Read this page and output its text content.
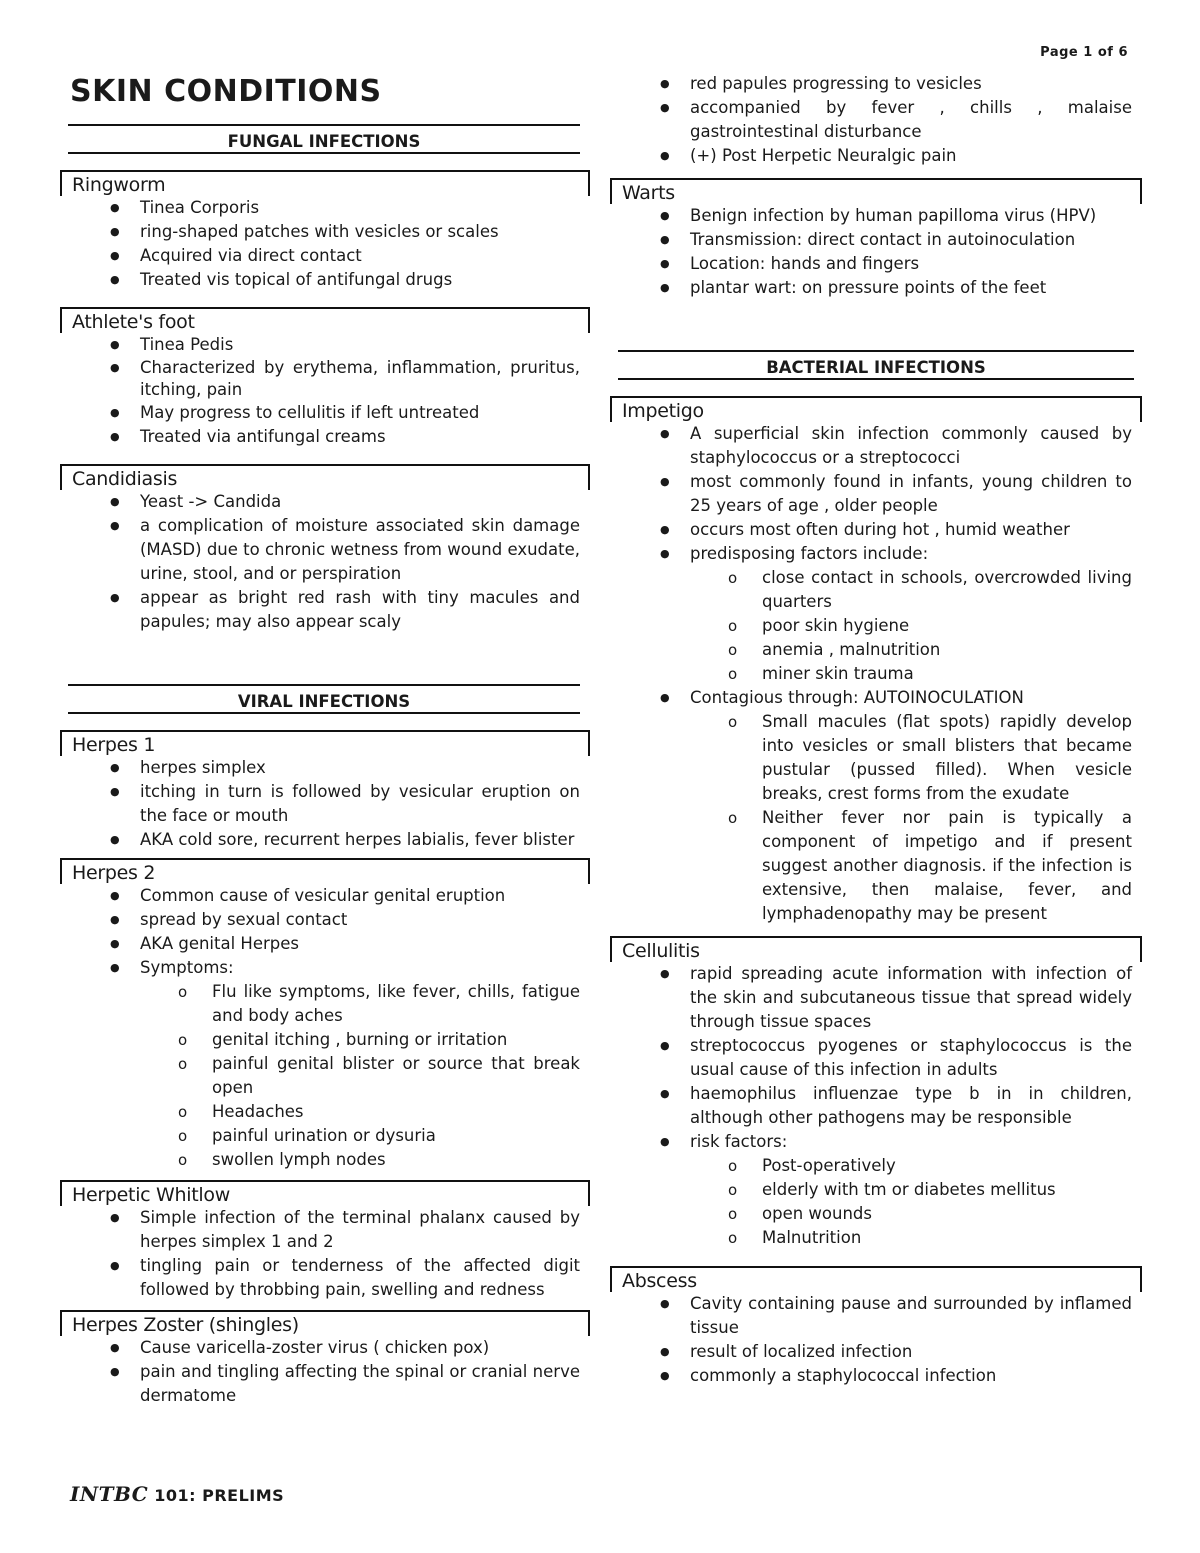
Page 1 of 6
SKIN CONDITIONS
FUNGAL INFECTIONS
Ringworm
● Tinea Corporis
● ring-shaped patches with vesicles or scales
● Acquired via direct contact
● Treated vis topical of antifungal drugs
Athlete's foot
● Tinea Pedis
● Characterized by erythema, inflammation, pruritus, itching, pain
● May progress to cellulitis if left untreated
● Treated via antifungal creams
Candidiasis
● Yeast -> Candida
● a complication of moisture associated skin damage (MASD) due to chronic wetness from wound exudate, urine, stool, and or perspiration
● appear as bright red rash with tiny macules and papules; may also appear scaly
VIRAL INFECTIONS
Herpes 1
● herpes simplex
● itching in turn is followed by vesicular eruption on the face or mouth
● AKA cold sore, recurrent herpes labialis, fever blister
Herpes 2
● Common cause of vesicular genital eruption
● spread by sexual contact
● AKA genital Herpes
● Symptoms:
o Flu like symptoms, like fever, chills, fatigue and body aches
o genital itching , burning or irritation
o painful genital blister or source that break open
o Headaches
o painful urination or dysuria
o swollen lymph nodes
Herpetic Whitlow
● Simple infection of the terminal phalanx caused by herpes simplex 1 and 2
● tingling pain or tenderness of the affected digit followed by throbbing pain, swelling and redness
Herpes Zoster (shingles)
● Cause varicella-zoster virus ( chicken pox)
● pain and tingling affecting the spinal or cranial nerve dermatome
● red papules progressing to vesicles
● accompanied by fever , chills , malaise gastrointestinal disturbance
● (+) Post Herpetic Neuralgic pain
Warts
● Benign infection by human papilloma virus (HPV)
● Transmission: direct contact in autoinoculation
● Location: hands and fingers
● plantar wart: on pressure points of the feet
BACTERIAL INFECTIONS
Impetigo
● A superficial skin infection commonly caused by staphylococcus or a streptococci
● most commonly found in infants, young children to 25 years of age , older people
● occurs most often during hot , humid weather
● predisposing factors include:
o close contact in schools, overcrowded living quarters
o poor skin hygiene
o anemia , malnutrition
o miner skin trauma
● Contagious through: AUTOINOCULATION
o Small macules (flat spots) rapidly develop into vesicles or small blisters that became pustular (pussed filled). When vesicle breaks, crest forms from the exudate
o Neither fever nor pain is typically a component of impetigo and if present suggest another diagnosis. if the infection is extensive, then malaise, fever, and lymphadenopathy may be present
Cellulitis
● rapid spreading acute information with infection of the skin and subcutaneous tissue that spread widely through tissue spaces
● streptococcus pyogenes or staphylococcus is the usual cause of this infection in adults
● haemophilus influenzae type b in in children, although other pathogens may be responsible
● risk factors:
o Post-operatively
o elderly with tm or diabetes mellitus
o open wounds
o Malnutrition
Abscess
● Cavity containing pause and surrounded by inflamed tissue
● result of localized infection
● commonly a staphylococcal infection
INTBC 101: PRELIMS
